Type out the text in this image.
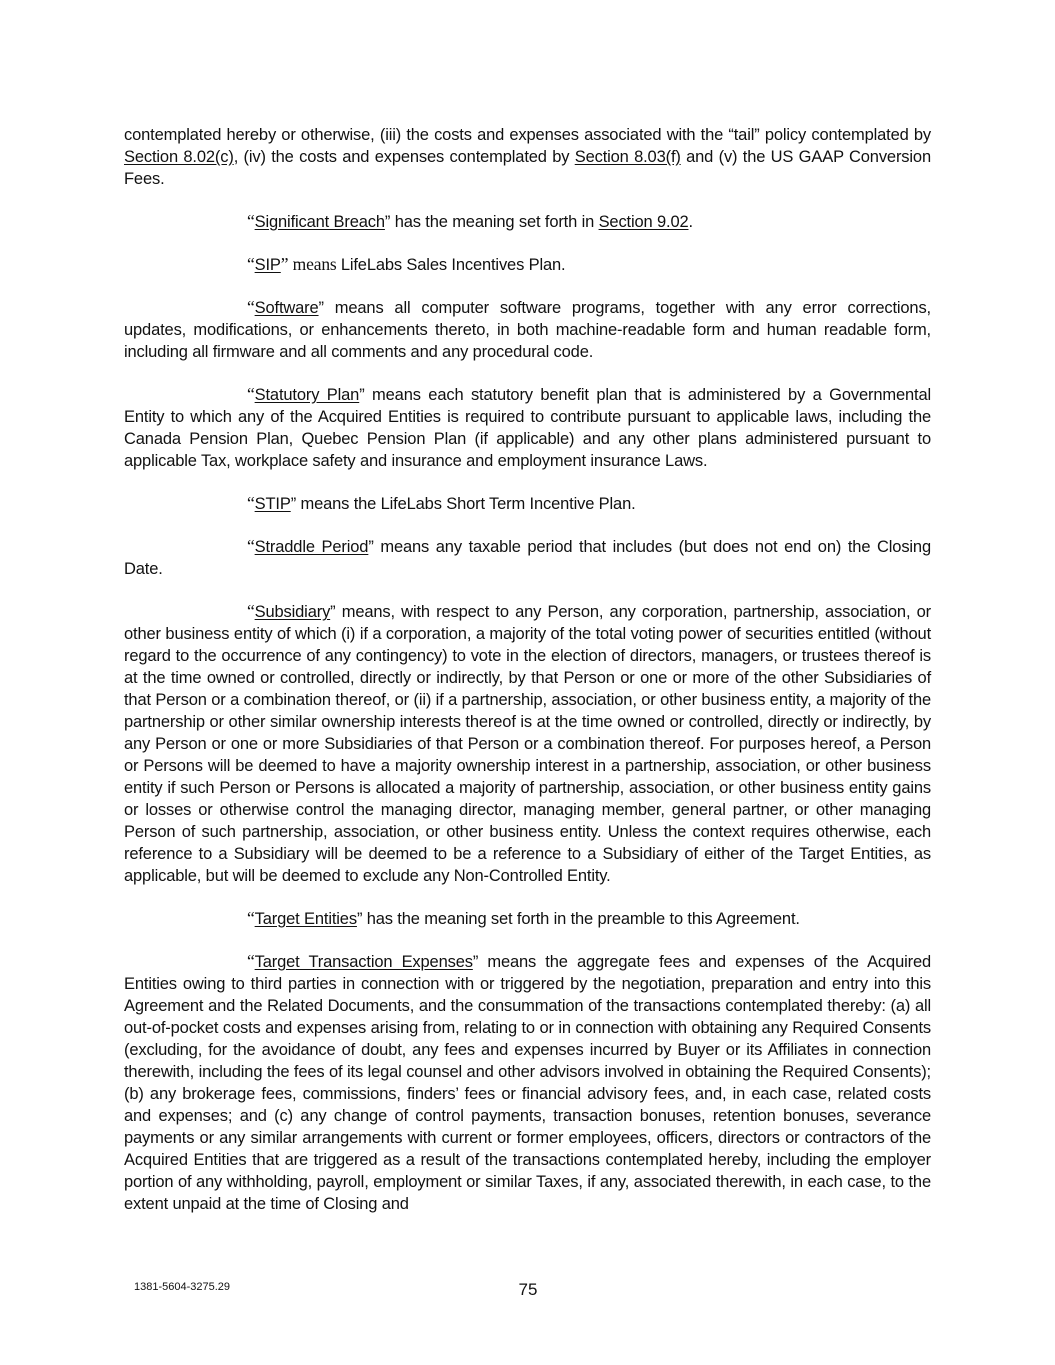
contemplated hereby or otherwise, (iii) the costs and expenses associated with the “tail” policy contemplated by Section 8.02(c), (iv) the costs and expenses contemplated by Section 8.03(f) and (v) the US GAAP Conversion Fees.

“Significant Breach” has the meaning set forth in Section 9.02.

“SIP” means LifeLabs Sales Incentives Plan.

“Software” means all computer software programs, together with any error corrections, updates, modifications, or enhancements thereto, in both machine-readable form and human readable form, including all firmware and all comments and any procedural code.

“Statutory Plan” means each statutory benefit plan that is administered by a Governmental Entity to which any of the Acquired Entities is required to contribute pursuant to applicable laws, including the Canada Pension Plan, Quebec Pension Plan (if applicable) and any other plans administered pursuant to applicable Tax, workplace safety and insurance and employment insurance Laws.

“STIP” means the LifeLabs Short Term Incentive Plan.

“Straddle Period” means any taxable period that includes (but does not end on) the Closing Date.

“Subsidiary” means, with respect to any Person, any corporation, partnership, association, or other business entity of which (i) if a corporation, a majority of the total voting power of securities entitled (without regard to the occurrence of any contingency) to vote in the election of directors, managers, or trustees thereof is at the time owned or controlled, directly or indirectly, by that Person or one or more of the other Subsidiaries of that Person or a combination thereof, or (ii) if a partnership, association, or other business entity, a majority of the partnership or other similar ownership interests thereof is at the time owned or controlled, directly or indirectly, by any Person or one or more Subsidiaries of that Person or a combination thereof. For purposes hereof, a Person or Persons will be deemed to have a majority ownership interest in a partnership, association, or other business entity if such Person or Persons is allocated a majority of partnership, association, or other business entity gains or losses or otherwise control the managing director, managing member, general partner, or other managing Person of such partnership, association, or other business entity. Unless the context requires otherwise, each reference to a Subsidiary will be deemed to be a reference to a Subsidiary of either of the Target Entities, as applicable, but will be deemed to exclude any Non-Controlled Entity.

“Target Entities” has the meaning set forth in the preamble to this Agreement.

“Target Transaction Expenses” means the aggregate fees and expenses of the Acquired Entities owing to third parties in connection with or triggered by the negotiation, preparation and entry into this Agreement and the Related Documents, and the consummation of the transactions contemplated thereby: (a) all out-of-pocket costs and expenses arising from, relating to or in connection with obtaining any Required Consents (excluding, for the avoidance of doubt, any fees and expenses incurred by Buyer or its Affiliates in connection therewith, including the fees of its legal counsel and other advisors involved in obtaining the Required Consents); (b) any brokerage fees, commissions, finders’ fees or financial advisory fees, and, in each case, related costs and expenses; and (c) any change of control payments, transaction bonuses, retention bonuses, severance payments or any similar arrangements with current or former employees, officers, directors or contractors of the Acquired Entities that are triggered as a result of the transactions contemplated hereby, including the employer portion of any withholding, payroll, employment or similar Taxes, if any, associated therewith, in each case, to the extent unpaid at the time of Closing and

1381-5604-3275.29	75
